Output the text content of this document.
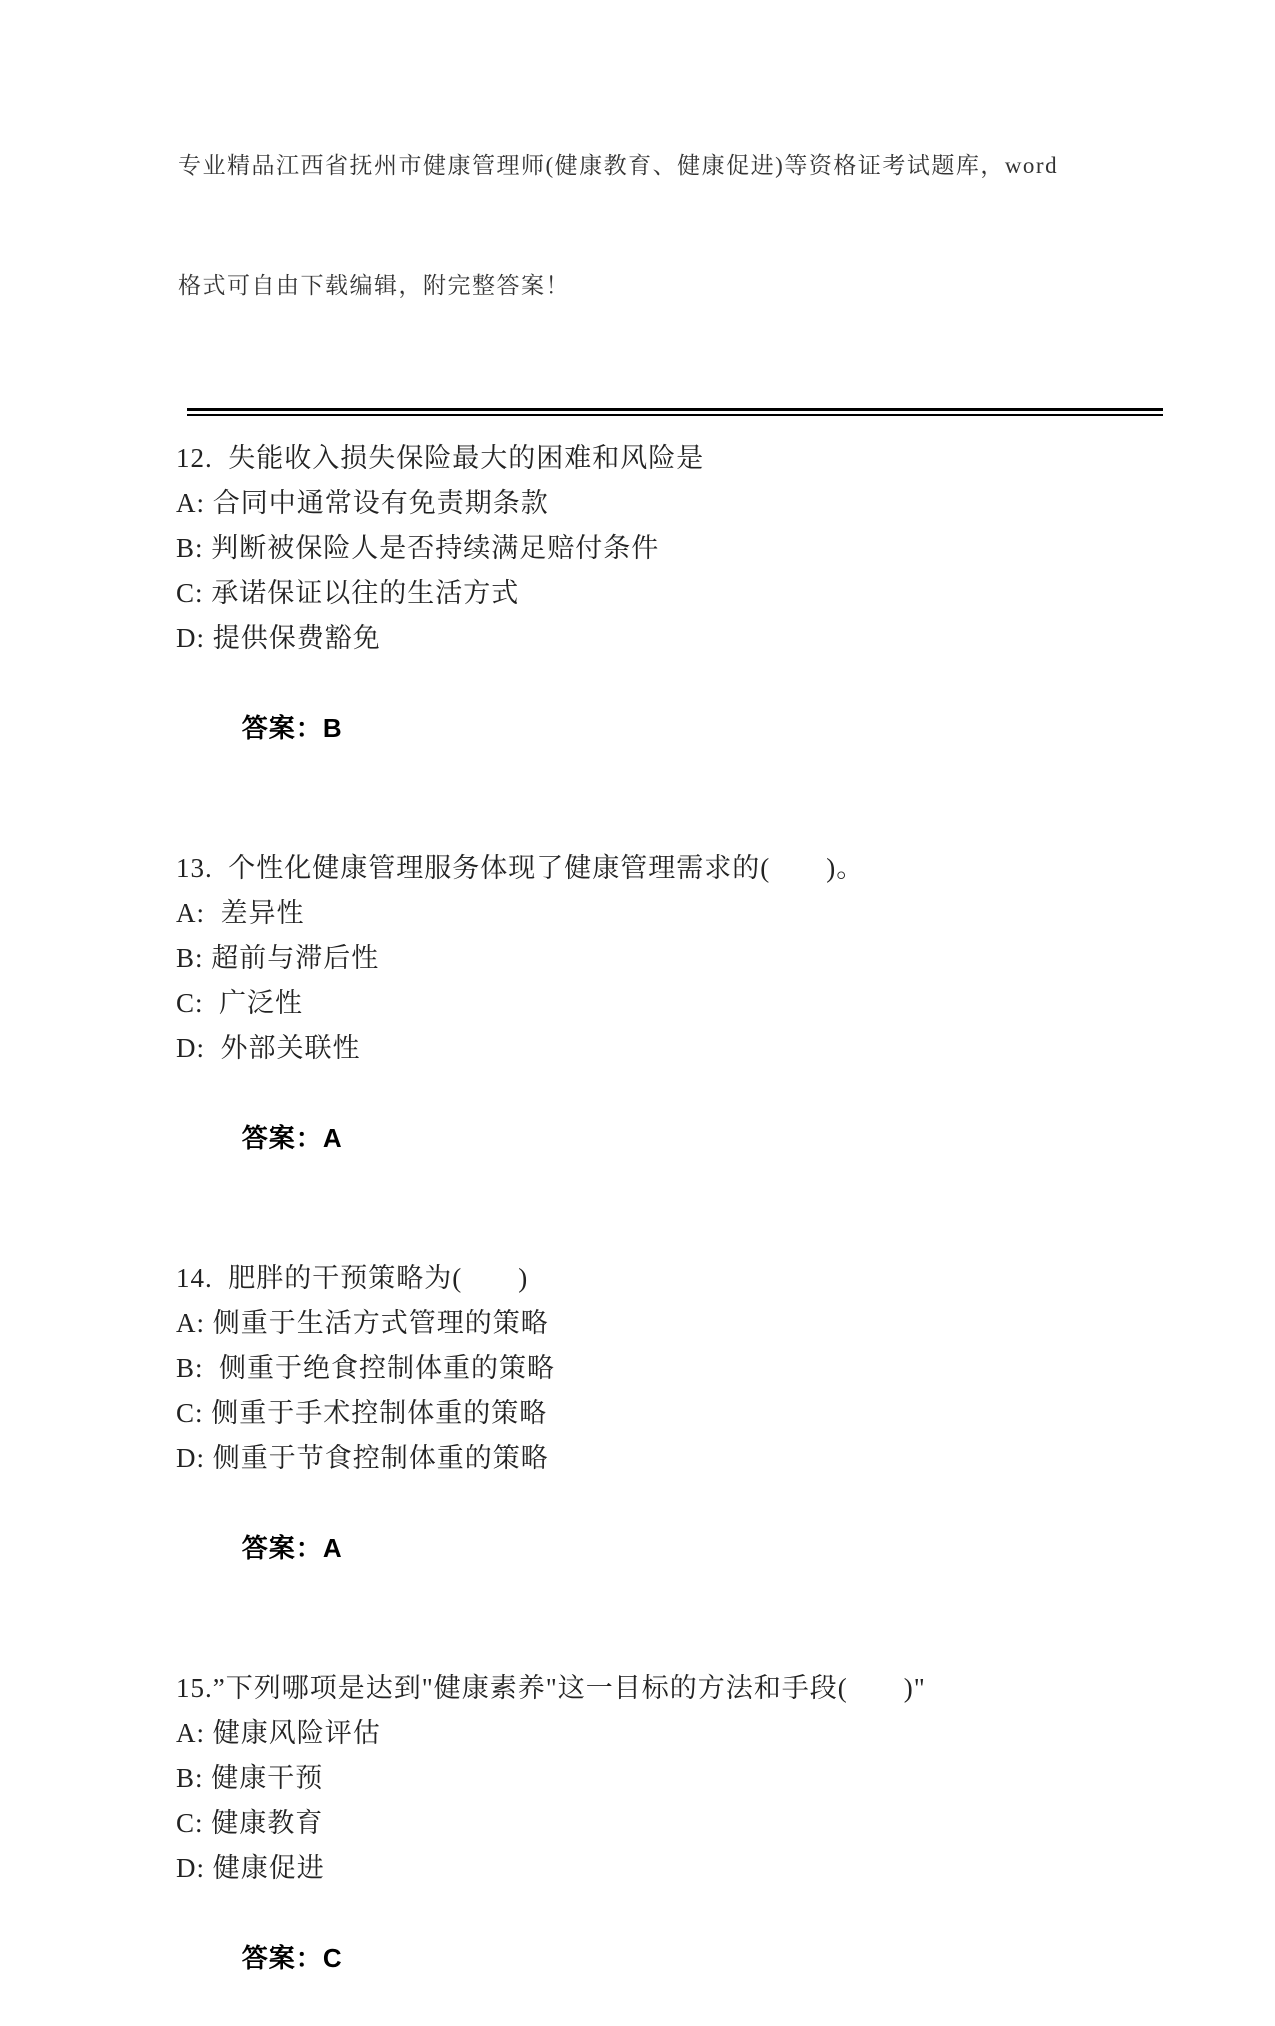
专业精品江西省抚州市健康管理师(健康教育、健康促进)等资格证考试题库，word

格式可自由下载编辑，附完整答案！

12.  失能收入损失保险最大的困难和风险是
A: 合同中通常设有免责期条款
B: 判断被保险人是否持续满足赔付条件
C: 承诺保证以往的生活方式
D: 提供保费豁免

答案：B

13.  个性化健康管理服务体现了健康管理需求的(　　)。
A:  差异性
B: 超前与滞后性
C:  广泛性
D:  外部关联性

答案：A

14.  肥胖的干预策略为(　　)
A: 侧重于生活方式管理的策略
B:  侧重于绝食控制体重的策略
C: 侧重于手术控制体重的策略
D: 侧重于节食控制体重的策略

答案：A

15.”下列哪项是达到"健康素养"这一目标的方法和手段(　　)"
A: 健康风险评估
B: 健康干预
C: 健康教育
D: 健康促进

答案：C
